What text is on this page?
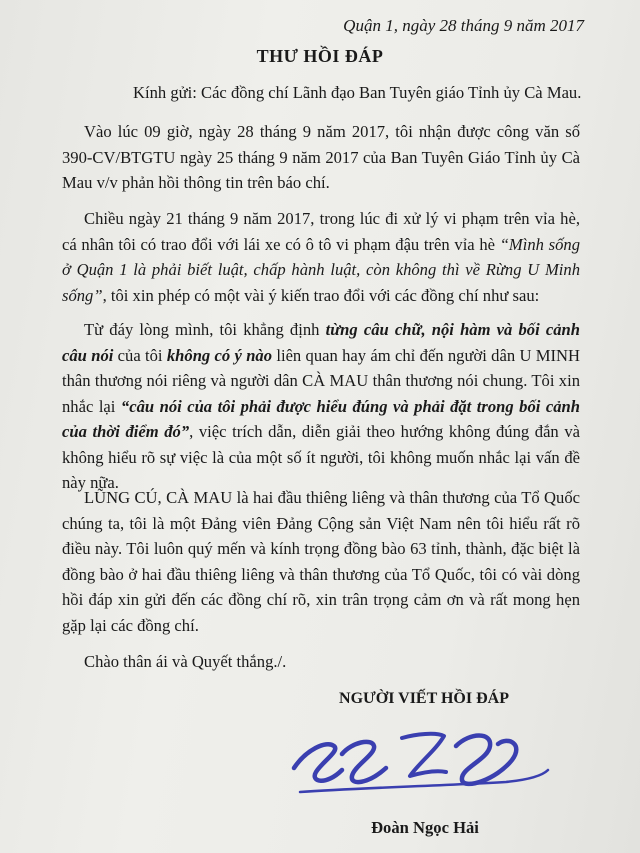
Quận 1, ngày 28 tháng 9 năm 2017
THƯ HỒI ĐÁP
Kính gửi: Các đồng chí Lãnh đạo Ban Tuyên giáo Tỉnh ủy Cà Mau.

Vào lúc 09 giờ, ngày 28 tháng 9 năm 2017, tôi nhận được công văn số 390-CV/BTGTU ngày 25 tháng 9 năm 2017 của Ban Tuyên Giáo Tỉnh ủy Cà Mau v/v phản hồi thông tin trên báo chí.

Chiều ngày 21 tháng 9 năm 2017, trong lúc đi xử lý vi phạm trên vỉa hè, cá nhân tôi có trao đổi với lái xe có ô tô vi phạm đậu trên vỉa hè “Mình sống ở Quận 1 là phải biết luật, chấp hành luật, còn không thì về Rừng U Minh sống”, tôi xin phép có một vài ý kiến trao đổi với các đồng chí như sau:

Từ đáy lòng mình, tôi khẳng định từng câu chữ, nội hàm và bối cảnh câu nói của tôi không có ý nào liên quan hay ám chỉ đến người dân U MINH thân thương nói riêng và người dân CÀ MAU thân thương nói chung. Tôi xin nhắc lại “câu nói của tôi phải được hiểu đúng và phải đặt trong bối cảnh của thời điểm đó”, việc trích dẫn, diễn giải theo hướng không đúng đắn và không hiểu rõ sự việc là của một số ít người, tôi không muốn nhắc lại vấn đề này nữa.

LŨNG CÚ, CÀ MAU là hai đầu thiêng liêng và thân thương của Tổ Quốc chúng ta, tôi là một Đảng viên Đảng Cộng sản Việt Nam nên tôi hiểu rất rõ điều này. Tôi luôn quý mến và kính trọng đồng bào 63 tỉnh, thành, đặc biệt là đồng bào ở hai đầu thiêng liêng và thân thương của Tổ Quốc, tôi có vài dòng hồi đáp xin gửi đến các đồng chí rõ, xin trân trọng cảm ơn và rất mong hẹn gặp lại các đồng chí.

Chào thân ái và Quyết thắng./.
NGƯỜI VIẾT HỒI ĐÁP
Đoàn Ngọc Hải
